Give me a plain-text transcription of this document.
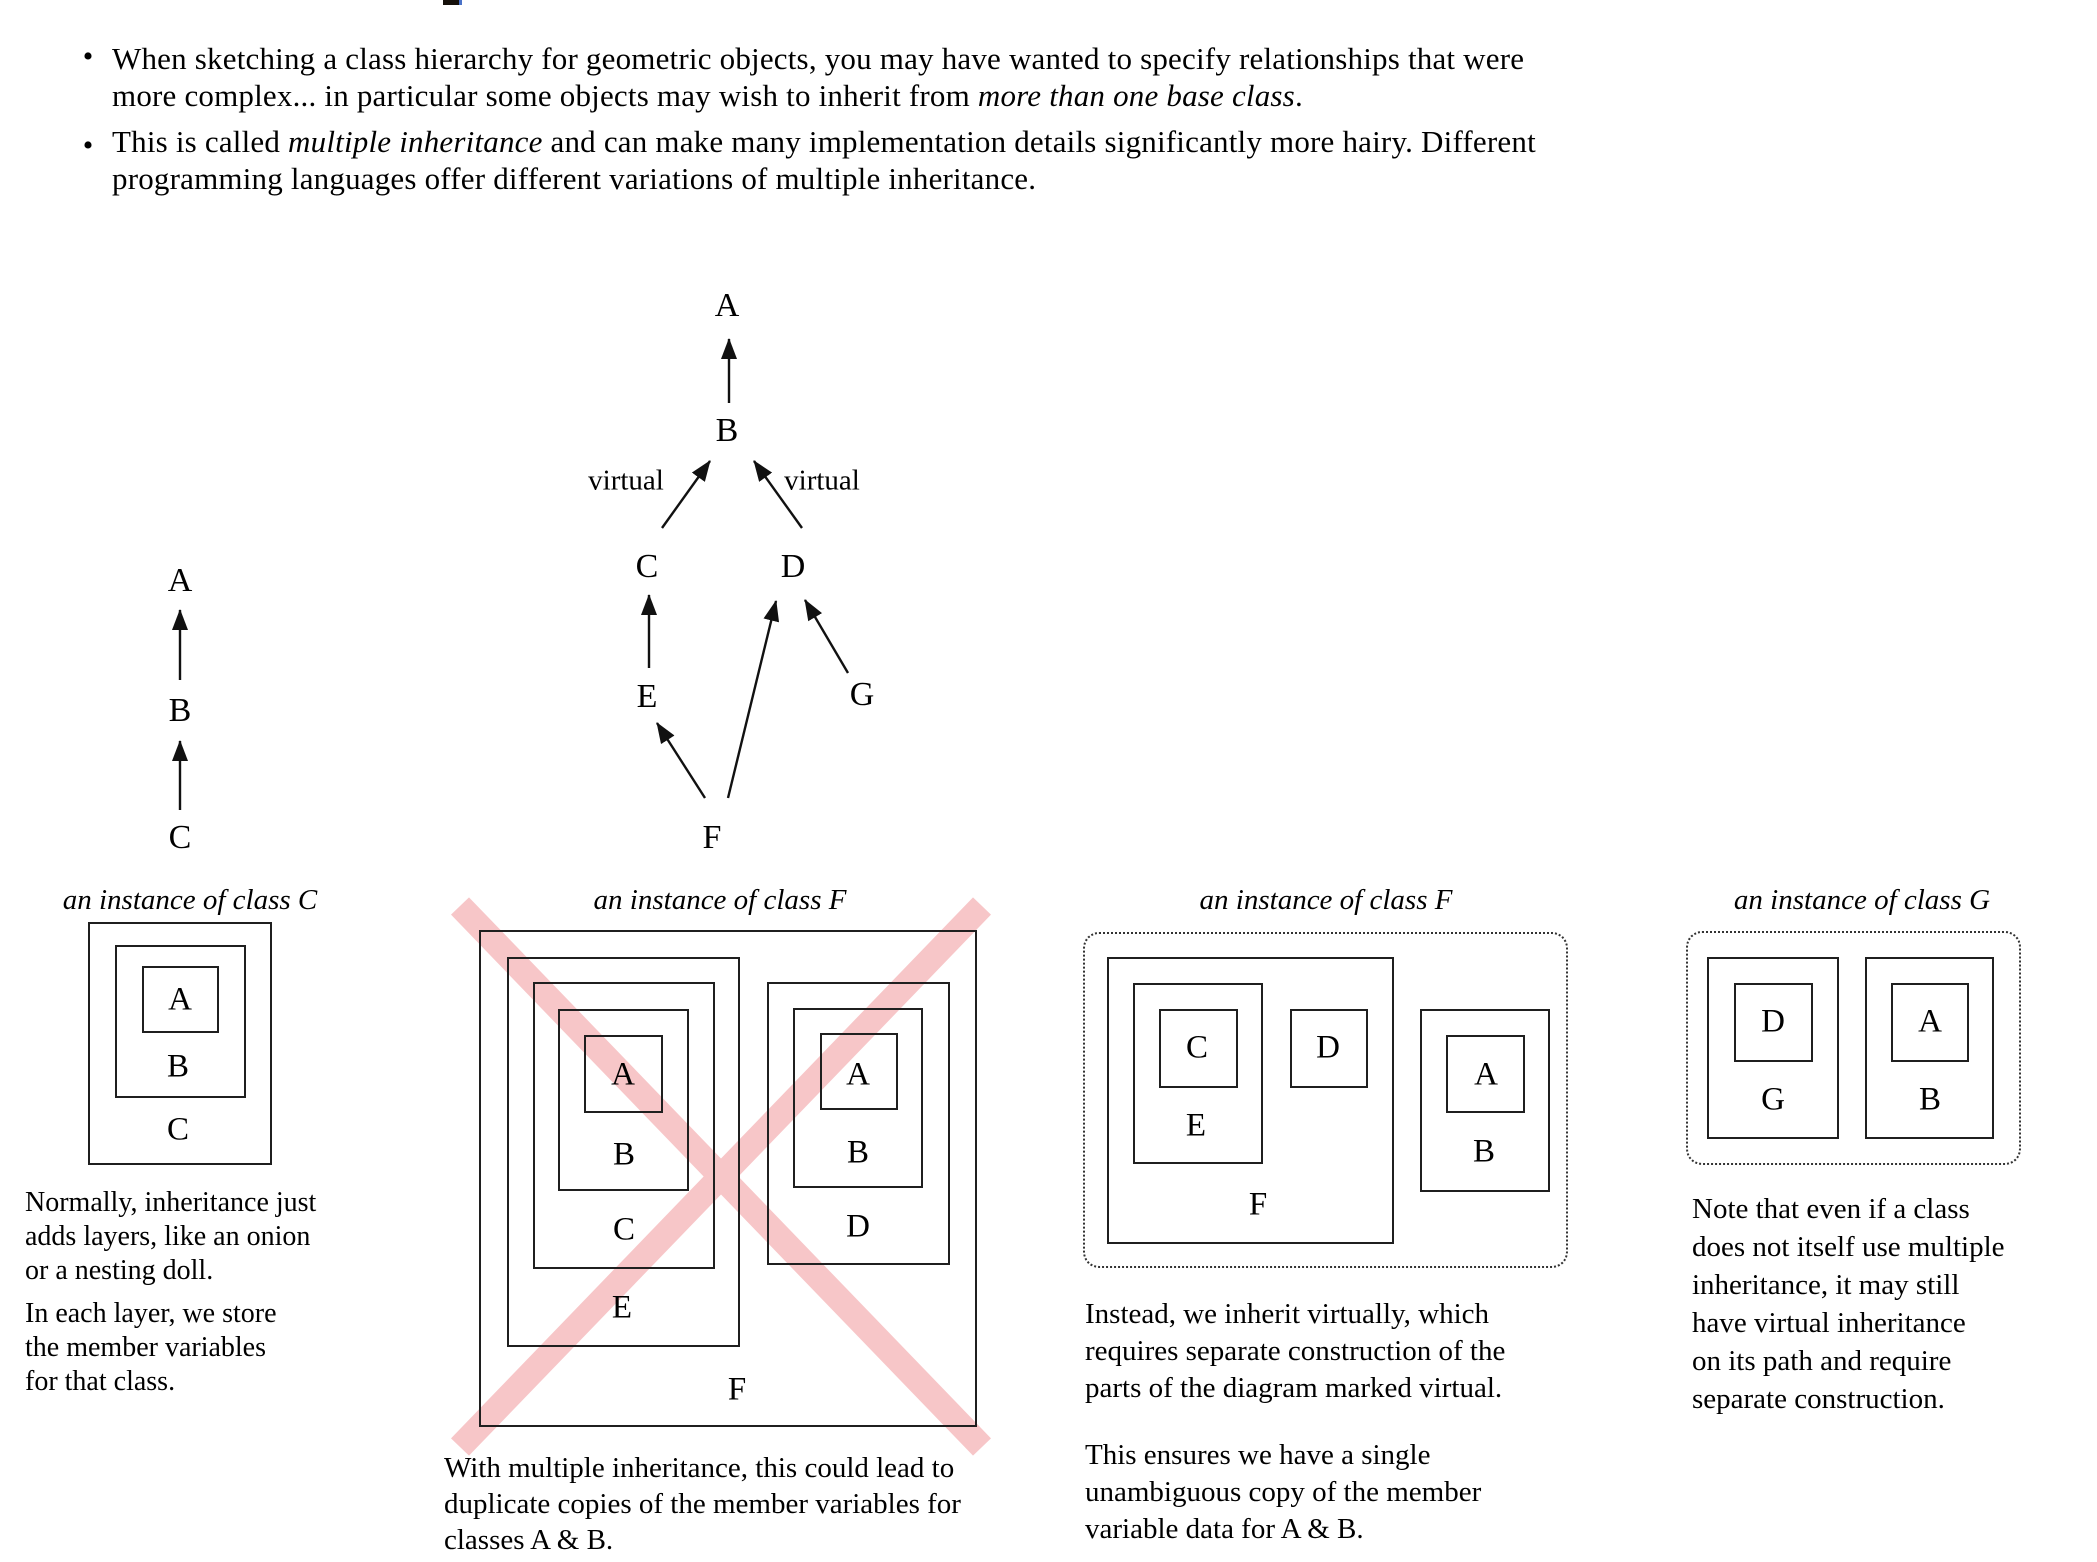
• When sketching a class hierarchy for geometric objects, you may have wanted to specify relationships that were
more complex... in particular some objects may wish to inherit from more than one base class.
• This is called multiple inheritance and can make many implementation details significantly more hairy. Different
programming languages offer different variations of multiple inheritance.
A
B
C
A
B
virtual	virtual
C	D
E	G
F
an instance of class C
A
B
C
Normally, inheritance just
adds layers, like an onion
or a nesting doll.
In each layer, we store
the member variables
for that class.
an instance of class F
A
B
C
E
F
A
B
D
With multiple inheritance, this could lead to
duplicate copies of the member variables for
classes A & B.
an instance of class F
C	D
E
F
A
B
Instead, we inherit virtually, which
requires separate construction of the
parts of the diagram marked virtual.
This ensures we have a single
unambiguous copy of the member
variable data for A & B.
an instance of class G
D
G
A
B
Note that even if a class
does not itself use multiple
inheritance, it may still
have virtual inheritance
on its path and require
separate construction.
